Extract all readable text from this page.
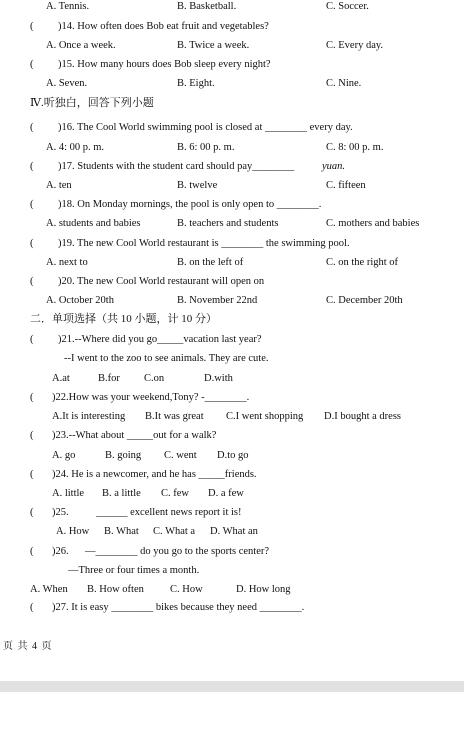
A. Tennis.	B. Basketball.	C. Soccer.
( )14. How often does Bob eat fruit and vegetables?
A. Once a week.	B. Twice a week.	C. Every day.
( )15. How many hours does Bob sleep every night?
A. Seven.	B. Eight.	C. Nine.
Ⅳ.听独白，回答下列小题
( )16. The Cool World swimming pool is closed at ________ every day.
A. 4: 00 p. m.	B. 6: 00 p. m.	C. 8: 00 p. m.
( )17. Students with the student card should pay________	yuan.
A. ten	B. twelve	C. fifteen
( )18. On Monday mornings, the pool is only open to ________.
A. students and babies	B. teachers and students	C. mothers and babies
( )19. The new Cool World restaurant is ________ the swimming pool.
A. next to	B. on the left of	C. on the right of
( )20. The new Cool World restaurant will open on
A. October 20th	B. November 22nd	C. December 20th
二．单项选择（共 10 小题，计 10 分）
( )21.--Where did you go_____vacation last year?
--I went to the zoo to see animals. They are cute.
A.at	B.for C.on	D.with
( )22.How was your weekend,Tony? -________.
A.It is interesting B.It was great C.I went shopping D.I bought a dress
( )23.--What about _____out for a walk?
A. go	B. going C. went D.to go
( )24. He is a newcomer, and he has _____friends.
A. little B. a little C. few D. a few
( )25.	______ excellent news report it is!
A. How B. What C. What a D. What an
( )26. —________ do you go to the sports center?
—Three or four times a month.
A. When B. How often C. How	D. How long
( )27. It is easy ________ bikes because they need ________.
页 共 4 页
